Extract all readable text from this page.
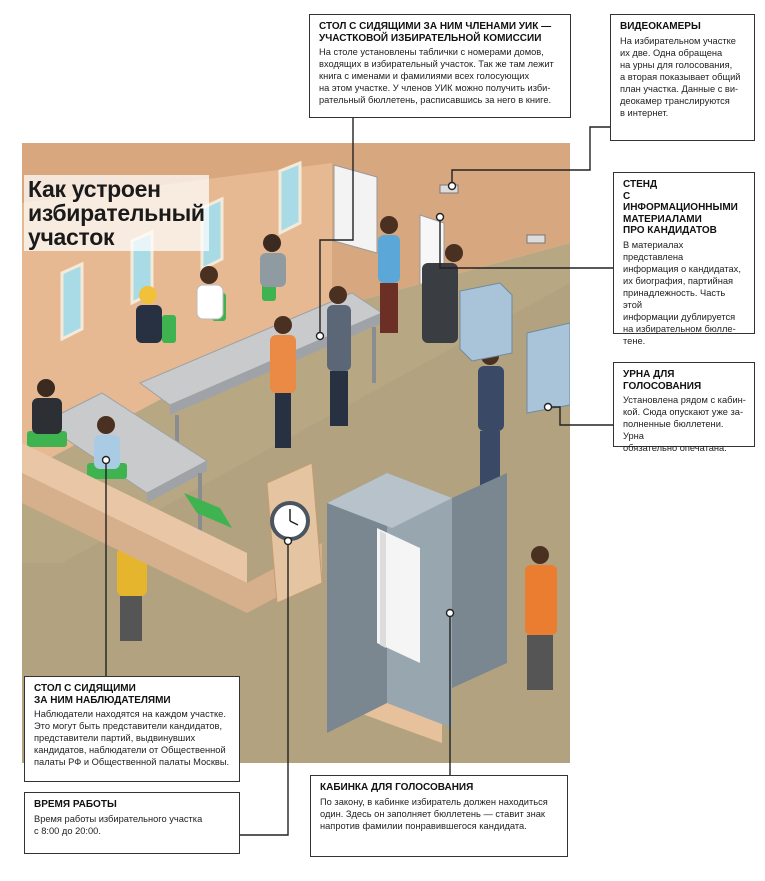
Как устроен
избирательный
участок
СТОЛ С СИДЯЩИМИ ЗА НИМ ЧЛЕНАМИ УИК —
УЧАСТКОВОЙ ИЗБИРАТЕЛЬНОЙ КОМИССИИ

На столе установлены таблички с номерами домов,
входящих в избирательный участок. Так же там лежит
книга с именами и фамилиями всех голосующих
на этом участке. У членов УИК можно получить изби-
рательный бюллетень, расписавшись за него в книге.

ВИДЕОКАМЕРЫ

На избирательном участке
их две. Одна обращена
на урны для голосования,
а вторая показывает общий
план участка. Данные с ви-
деокамер транслируются
в интернет.

СТЕНД
С ИНФОРМАЦИОННЫМИ
МАТЕРИАЛАМИ
ПРО КАНДИДАТОВ

В материалах представлена
информация о кандидатах,
их биография, партийная
принадлежность. Часть этой
информации дублируется
на избирательном бюлле-
тене.

УРНА ДЛЯ ГОЛОСОВАНИЯ

Установлена рядом с кабин-
кой. Сюда опускают уже за-
полненные бюллетени. Урна
обязательно опечатана.

СТОЛ С СИДЯЩИМИ
ЗА НИМ НАБЛЮДАТЕЛЯМИ

Наблюдатели находятся на каждом участке.
Это могут быть представители кандидатов,
представители партий, выдвинувших
кандидатов, наблюдатели от Общественной
палаты РФ и Общественной палаты Москвы.

ВРЕМЯ РАБОТЫ

Время работы избирательного участка
с 8:00 до 20:00.

КАБИНКА ДЛЯ ГОЛОСОВАНИЯ

По закону, в кабинке избиратель должен находиться
один. Здесь он заполняет бюллетень — ставит знак
напротив фамилии понравившегося кандидата.
